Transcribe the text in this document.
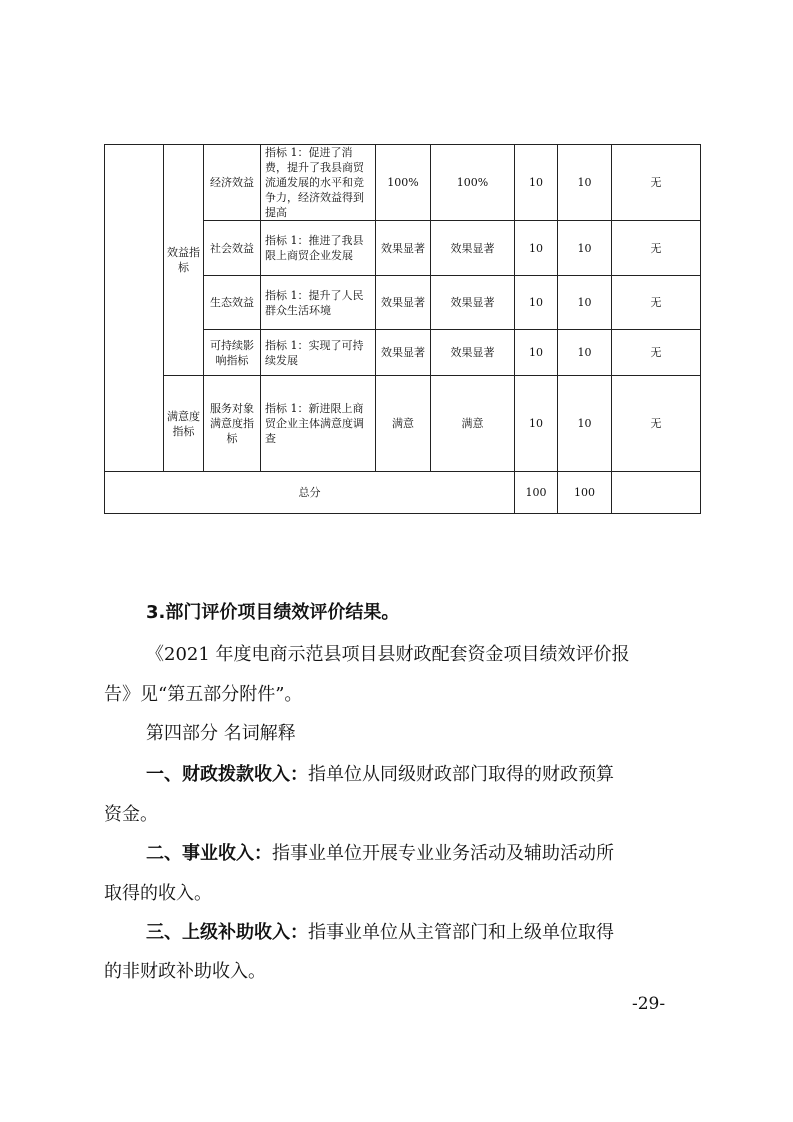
	效益指标	经济效益	指标 1：促进了消费，提升了我县商贸流通发展的水平和竞争力，经济效益得到提高	100%	100%	10	10	无
		社会效益	指标 1：推进了我县限上商贸企业发展	效果显著	效果显著	10	10	无
		生态效益	指标 1：提升了人民群众生活环境	效果显著	效果显著	10	10	无
		可持续影响指标	指标 1：实现了可持续发展	效果显著	效果显著	10	10	无
	满意度指标	服务对象满意度指标	指标 1：新进限上商贸企业主体满意度调查	满意	满意	10	10	无
总分						100	100	
3.部门评价项目绩效评价结果。
《2021 年度电商示范县项目县财政配套资金项目绩效评价报
告》见“第五部分附件”。
第四部分 名词解释
一、财政拨款收入：指单位从同级财政部门取得的财政预算
资金。
二、事业收入：指事业单位开展专业业务活动及辅助活动所
取得的收入。
三、上级补助收入：指事业单位从主管部门和上级单位取得
的非财政补助收入。
-29-
